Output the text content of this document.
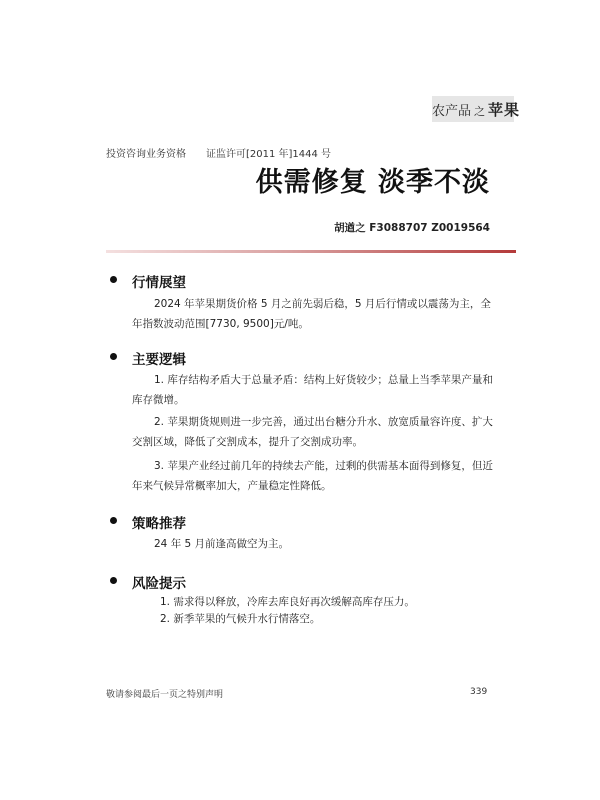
农产品 之 苹果
投资咨询业务资格　　证监许可[2011 年]1444 号
供需修复 淡季不淡
胡遒之 F3088707 Z0019564
行情展望
2024 年苹果期货价格 5 月之前先弱后稳，5 月后行情或以震荡为主，全年指数波动范围[7730, 9500]元/吨。
主要逻辑
1. 库存结构矛盾大于总量矛盾：结构上好货较少；总量上当季苹果产量和库存微增。
2. 苹果期货规则进一步完善，通过出台糖分升水、放宽质量容许度、扩大交割区域，降低了交割成本，提升了交割成功率。
3. 苹果产业经过前几年的持续去产能，过剩的供需基本面得到修复，但近年来气候异常概率加大，产量稳定性降低。
策略推荐
24 年 5 月前逢高做空为主。
风险提示
1. 需求得以释放，冷库去库良好再次缓解高库存压力。
2. 新季苹果的气候升水行情落空。
敬请参阅最后一页之特别声明	339
